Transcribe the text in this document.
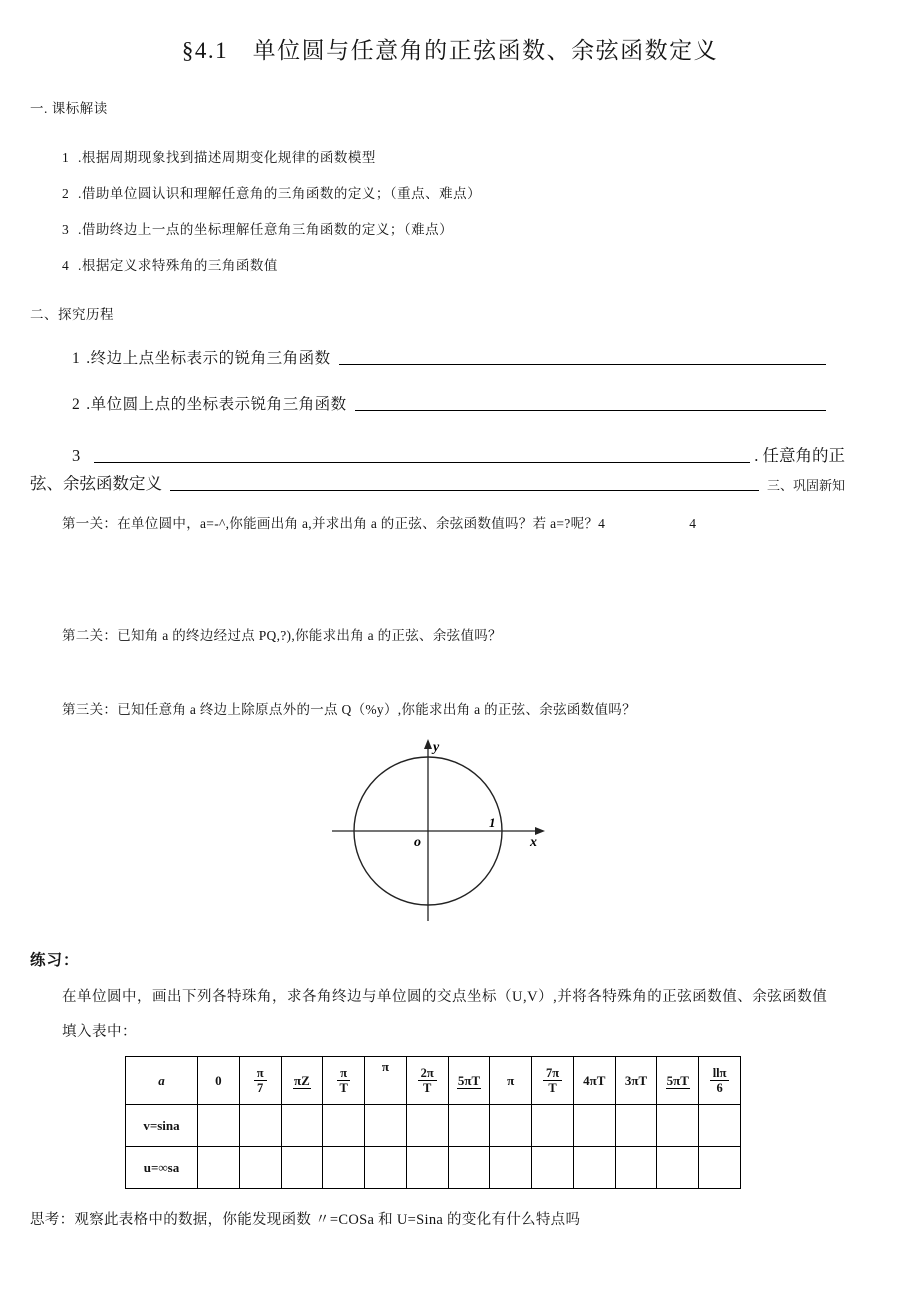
§4.1　单位圆与任意角的正弦函数、余弦函数定义
一. 课标解读
1 .根据周期现象找到描述周期变化规律的函数模型
2 .借助单位圆认识和理解任意角的三角函数的定义；（重点、难点）
3 .借助终边上一点的坐标理解任意角三角函数的定义；（难点）
4 .根据定义求特殊角的三角函数值
二、探究历程
1 .终边上点坐标表示的锐角三角函数
2 .单位圆上点的坐标表示锐角三角函数
3	. 任意角的正
弦、余弦函数定义	三、巩固新知
第一关：在单位圆中，a=-^,你能画出角 a,并求出角 a 的正弦、余弦函数值吗？若 a=?呢？4	4
第二关：已知角 a 的终边经过点 PQ,?),你能求出角 a 的正弦、余弦值吗？
第三关：已知任意角 a 终边上除原点外的一点 Q（%y）,你能求出角 a 的正弦、余弦函数值吗？
y
x
o
1
练习：
在单位圆中，画出下列各特珠角，求各角终边与单位圆的交点坐标（U,V）,并将各特殊角的正弦函数值、余弦函数值
填入表中：
a	0	$\frac{\pi}{7}$	πZ	$\frac{\pi}{T}$	π	$\frac{2\pi}{T}$	5πT	π	$\frac{7\pi}{T}$	4πT	3πT	5πT	$\frac{\text{llπ}}{6}$

v=sina													
u=∞sa													
思考：观察此表格中的数据，你能发现函数 〃=COSa 和 U=Sina 的变化有什么特点吗
